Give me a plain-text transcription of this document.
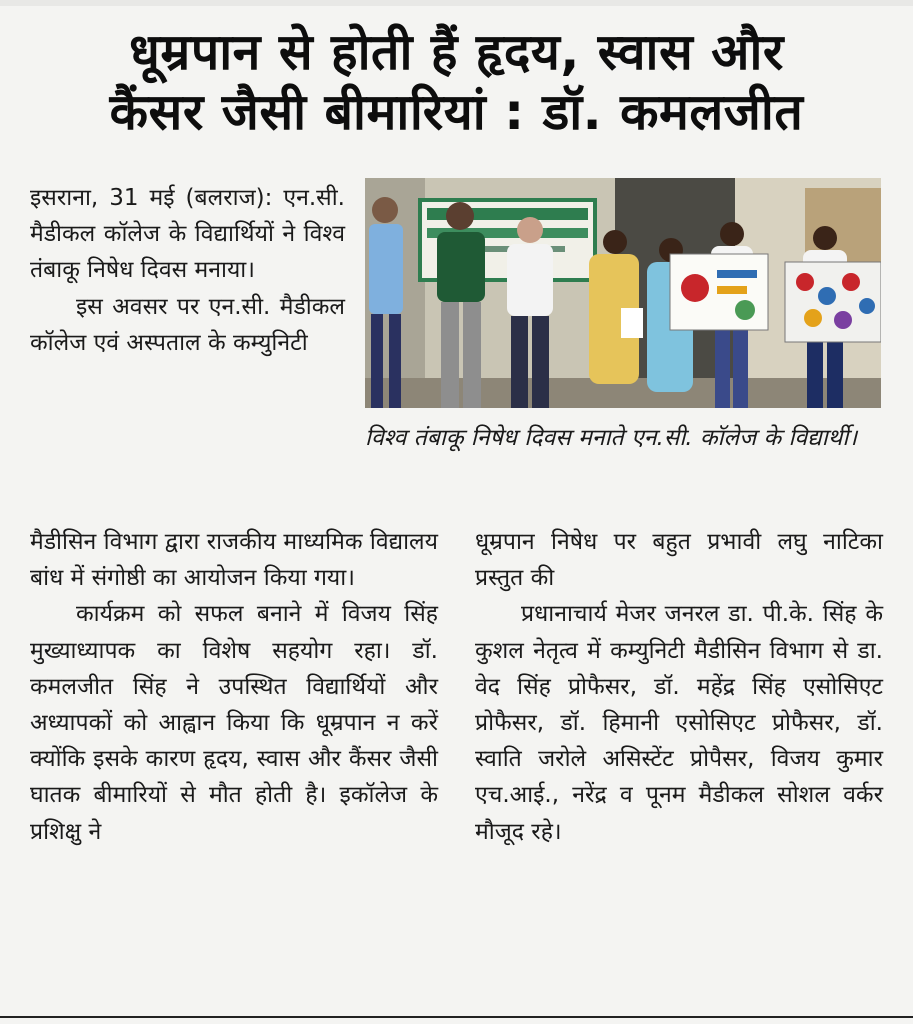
धूम्रपान से होती हैं हृदय, स्वास और
कैंसर जैसी बीमारियां : डॉ. कमलजीत

इसराना, 31 मई (बलराज): एन.सी. मैडीकल कॉलेज के विद्यार्थियों ने विश्व तंबाकू निषेध दिवस मनाया।

इस अवसर पर एन.सी. मैडीकल कॉलेज एवं अस्पताल के कम्युनिटी

विश्व तंबाकू निषेध दिवस मनाते एन.सी. कॉलेज के विद्यार्थी।

मैडीसिन विभाग द्वारा राजकीय माध्यमिक विद्यालय बांध में संगोष्ठी का आयोजन किया गया।

कार्यक्रम को सफल बनाने में विजय सिंह मुख्याध्यापक का विशेष सहयोग रहा। डॉ. कमलजीत सिंह ने उपस्थित विद्यार्थियों और अध्यापकों को आह्वान किया कि धूम्रपान न करें क्योंकि इसके कारण हृदय, स्वास और कैंसर जैसी घातक बीमारियों से मौत होती है। इकॉलेज के प्रशिक्षु ने

धूम्रपान निषेध पर बहुत प्रभावी लघु नाटिका प्रस्तुत की

प्रधानाचार्य मेजर जनरल डा. पी.के. सिंह के कुशल नेतृत्व में कम्युनिटी मैडीसिन विभाग से डा. वेद सिंह प्रोफैसर, डॉ. महेंद्र सिंह एसोसिएट प्रोफैसर, डॉ. हिमानी एसोसिएट प्रोफैसर, डॉ. स्वाति जरोले असिस्टेंट प्रोपैसर, विजय कुमार एच.आई., नरेंद्र व पूनम मैडीकल सोशल वर्कर मौजूद रहे।
